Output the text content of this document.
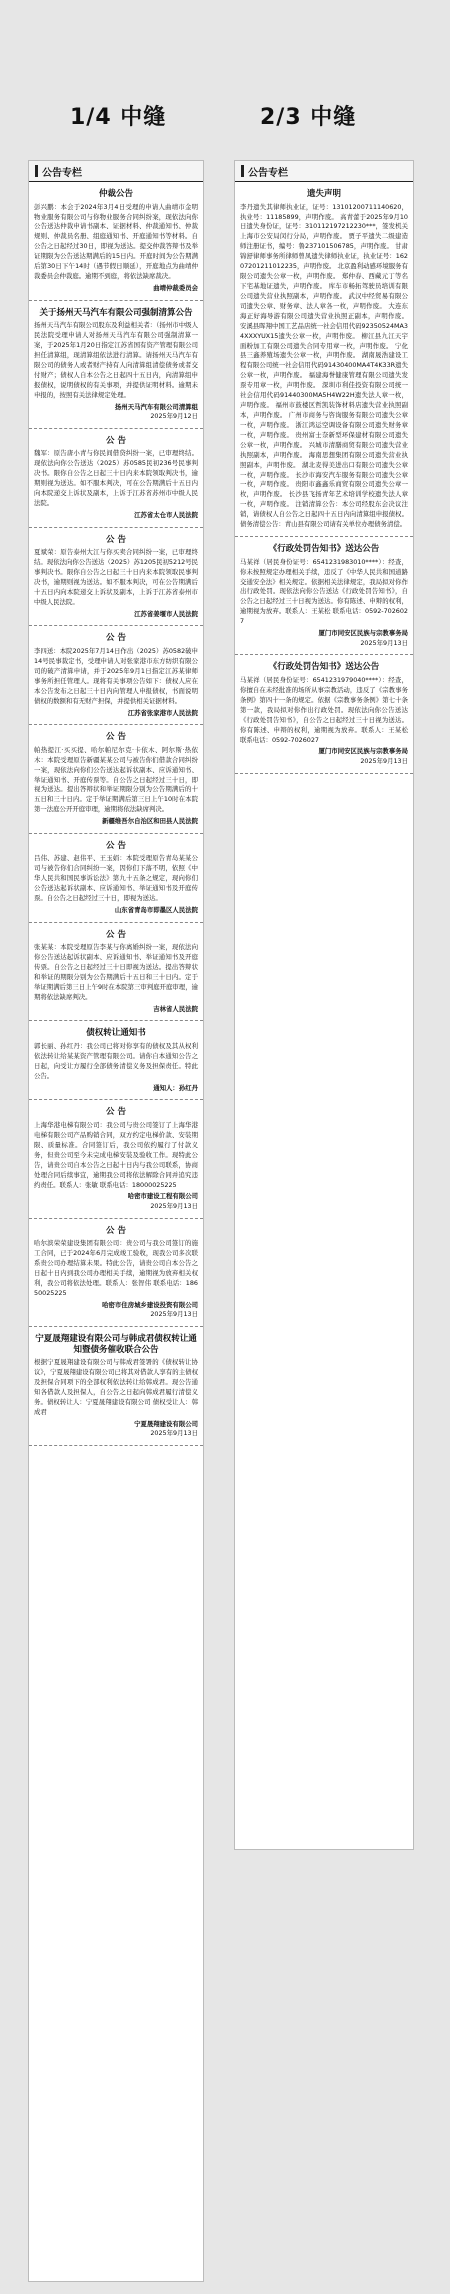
1/4 中缝	2/3 中缝
公告专栏
仲裁公告

彭兴鹏：本会于2024年3月4日受理的申请人曲靖市金明物业服务有限公司与你物业服务合同纠纷案，现依法向你公告送达仲裁申请书副本、证据材料、仲裁通知书、仲裁规则、仲裁员名册、组庭通知书、开庭通知书等材料。自公告之日起经过30日，即视为送达。提交仲裁答辩书及举证期限为公告送达期满后的15日内。开庭时间为公告期满后第30日下午14时（遇节假日顺延），开庭地点为曲靖仲裁委员会仲裁庭。逾期不到庭，将依法缺席裁决。

曲靖仲裁委员会
关于扬州天马汽车有限公司强制清算公告

扬州天马汽车有限公司股东及利益相关者：（扬州市中级人民法院受理申请人对扬州天马汽车有限公司强制清算一案，于2025年1月20日指定江苏省国有资产管理有限公司担任清算组，现清算组依法进行清算。请扬州天马汽车有限公司的债务人或者财产持有人向清算组清偿债务或者交付财产；债权人自本公告之日起四十五日内，向清算组申报债权，说明债权的有关事项，并提供证明材料。逾期未申报的，按照有关法律规定处理。

扬州天马汽车有限公司清算组
2025年9月12日
公 告

魏军：原告唐小青与你民间借贷纠纷一案，已审理终结。现依法向你公告送达（2025）苏0585民初236号民事判决书。限你自公告之日起三十日内来本院领取判决书，逾期则视为送达。如不服本判决，可在公告期满后十五日内向本院递交上诉状及副本，上诉于江苏省苏州市中级人民法院。

江苏省太仓市人民法院
公 告

夏斌荣：原告泰州大江与你买卖合同纠纷一案，已审理终结。现依法向你公告送达（2025）苏1205民初5212号民事判决书。限你自公告之日起三十日内来本院领取民事判决书，逾期则视为送达。如不服本判决，可在公告期满后十五日内向本院递交上诉状及副本，上诉于江苏省泰州市中级人民法院。

江苏省姜堰市人民法院
公 告

李四送：本院2025年7月14日作出（2025）苏0582破申14号民事裁定书，受理申请人对张家港市东方纺织有限公司的破产清算申请，并于2025年9月1日指定江苏某律师事务所担任管理人。现将有关事项公告如下：债权人应在本公告发布之日起三十日内向管理人申报债权，书面说明债权的数额和有无财产担保，并提供相关证据材料。

江苏省张家港市人民法院
公 告

帕热提江·买买提、哈尔帕尼尔克·卡依木、阿尔斯·热依木：本院受理原告新疆某某公司与被告你们借款合同纠纷一案，现依法向你们公告送达起诉状副本、应诉通知书、举证通知书、开庭传票等。自公告之日起经过三十日，即视为送达。提出答辩状和举证期限分别为公告期满后的十五日和三十日内。定于举证期满后第三日上午10时在本院第一法庭公开开庭审理，逾期将依法缺席判决。

新疆维吾尔自治区和田县人民法院
公 告

吕伟、苏建、赵伟平、王玉娟：本院受理原告青岛某某公司与被告你们合同纠纷一案，因你们下落不明，依照《中华人民共和国民事诉讼法》第九十五条之规定，现向你们公告送达起诉状副本、应诉通知书、举证通知书及开庭传票。自公告之日起经过三十日，即视为送达。

山东省青岛市即墨区人民法院
公 告

张某某：本院受理原告李某与你离婚纠纷一案，现依法向你公告送达起诉状副本、应诉通知书、举证通知书及开庭传票。自公告之日起经过三十日即视为送达。提出答辩状和举证的期限分别为公告期满后十五日和三十日内。定于举证期满后第三日上午9时在本院第三审判庭开庭审理，逾期将依法缺席判决。

吉林省人民法院
债权转让通知书

郭长丽、孙红丹：我公司已将对你享有的债权及其从权利依法转让给某某资产管理有限公司。请你自本通知公告之日起，向受让方履行全部债务清偿义务及担保责任。特此公告。

通知人：孙红丹
公 告

上海华港电梯有限公司：我公司与贵公司签订了上海华港电梯有限公司产品购销合同，双方约定电梯价款、安装期限、质量标准。合同签订后，我公司依约履行了付款义务，但贵公司至今未完成电梯安装及验收工作。现特此公告，请贵公司自本公告之日起十日内与我公司联系，协商处理合同后续事宜，逾期我公司将依法解除合同并追究违约责任。联系人：张敏 联系电话：18000025225

哈密市建设工程有限公司
2025年9月13日
公 告

哈尔滨荣荣建设集团有限公司：贵公司与我公司签订的施工合同，已于2024年6月完成竣工验收，现我公司多次联系贵公司办理结算未果。特此公告，请贵公司自本公告之日起十日内到我公司办理相关手续，逾期视为放弃相关权利，我公司将依法处理。联系人：张智伟 联系电话：18650025225

哈密市住房城乡建设投资有限公司
2025年9月13日
宁夏晟翔建设有限公司与韩成君债权转让通知暨债务催收联合公告

根据宁夏晟翔建设有限公司与韩成君签署的《债权转让协议》，宁夏晟翔建设有限公司已将其对借款人享有的主债权及担保合同项下的全部权利依法转让给韩成君。现公告通知各借款人及担保人，自公告之日起向韩成君履行清偿义务。债权转让人：宁夏晟翔建设有限公司 债权受让人：韩成君

宁夏晟翔建设有限公司
2025年9月13日
公告专栏
遗失声明

李丹遗失其律师执业证，证号：13101200711140620，执业号：11185899，声明作废。 高青蕾于2025年9月10日遗失身份证，证号：310112197212230***，签发机关上海市公安局闵行分局，声明作废。 贾子平遗失二级建造师注册证书，编号：鲁237101506785，声明作废。 甘肃锦舒律师事务所律师曾凤遗失律师执业证，执业证号：16207201211012235，声明作废。 北京盈利动感环境服务有限公司遗失公章一枚，声明作废。 郑仲春、西藏元丁等名下宅基地证遗失，声明作废。 库车市畅拓驾驶员培训有限公司遗失营业执照副本，声明作废。 武汉中经贸易有限公司遗失公章、财务章、法人章各一枚，声明作废。 大连东海正好海导游有限公司遗失营业执照正副本，声明作废。 安溪县晖翔中国工艺品店统一社会信用代码92350524MA34XXXYUX15遗失公章一枚，声明作废。 柳江县九江天宇面粉加工有限公司遗失合同专用章一枚，声明作废。 宁化县三鑫养殖场遗失公章一枚，声明作废。 湖南晟浩建设工程有限公司统一社会信用代码91430400MA4T4K33R遗失公章一枚，声明作废。 福建海誉健康管理有限公司遗失发票专用章一枚，声明作废。 深圳市利佳投资有限公司统一社会信用代码91440300MA5H4W22H遗失法人章一枚，声明作废。 福州市鼓楼区哲凯装饰材料店遗失营业执照副本，声明作废。 广州市商务与咨询服务有限公司遗失公章一枚，声明作废。 浙江鸿运空调设备有限公司遗失财务章一枚，声明作废。 贵州富士奈新型环保建材有限公司遗失公章一枚，声明作废。 兴城市清膳商贸有限公司遗失营业执照副本，声明作废。 海南思想集团有限公司遗失营业执照副本，声明作废。 湖北麦得美进出口有限公司遗失公章一枚，声明作废。 长沙市海安汽车服务有限公司遗失公章一枚，声明作废。 贵阳市鑫鑫乐商贸有限公司遗失公章一枚，声明作废。 长沙县飞扬青年艺术培训学校遗失法人章一枚，声明作废。 注销清算公告：本公司经股东会决议注销，请债权人自公告之日起四十五日内向清算组申报债权。 债务清偿公告：青山县有限公司请有关单位办理债务清偿。

《行政处罚告知书》送达公告

马某祥（居民身份证号：6541231983010****）：经查，你未按照规定办理相关手续，违反了《中华人民共和国道路交通安全法》相关规定。依据相关法律规定，我局拟对你作出行政处罚。现依法向你公告送达《行政处罚告知书》，自公告之日起经过三十日视为送达。你有陈述、申辩的权利，逾期视为放弃。联系人：王某松 联系电话：0592-7026027

厦门市同安区民族与宗教事务局
2025年9月13日
《行政处罚告知书》送达公告

马某祥（居民身份证号：6541231979040****）：经查，你擅自在未经批准的场所从事宗教活动，违反了《宗教事务条例》第四十一条的规定。依据《宗教事务条例》第七十条第一款，我局拟对你作出行政处罚。现依法向你公告送达《行政处罚告知书》，自公告之日起经过三十日视为送达。你有陈述、申辩的权利，逾期视为放弃。联系人：王某松 联系电话：0592-7026027

厦门市同安区民族与宗教事务局
2025年9月13日
